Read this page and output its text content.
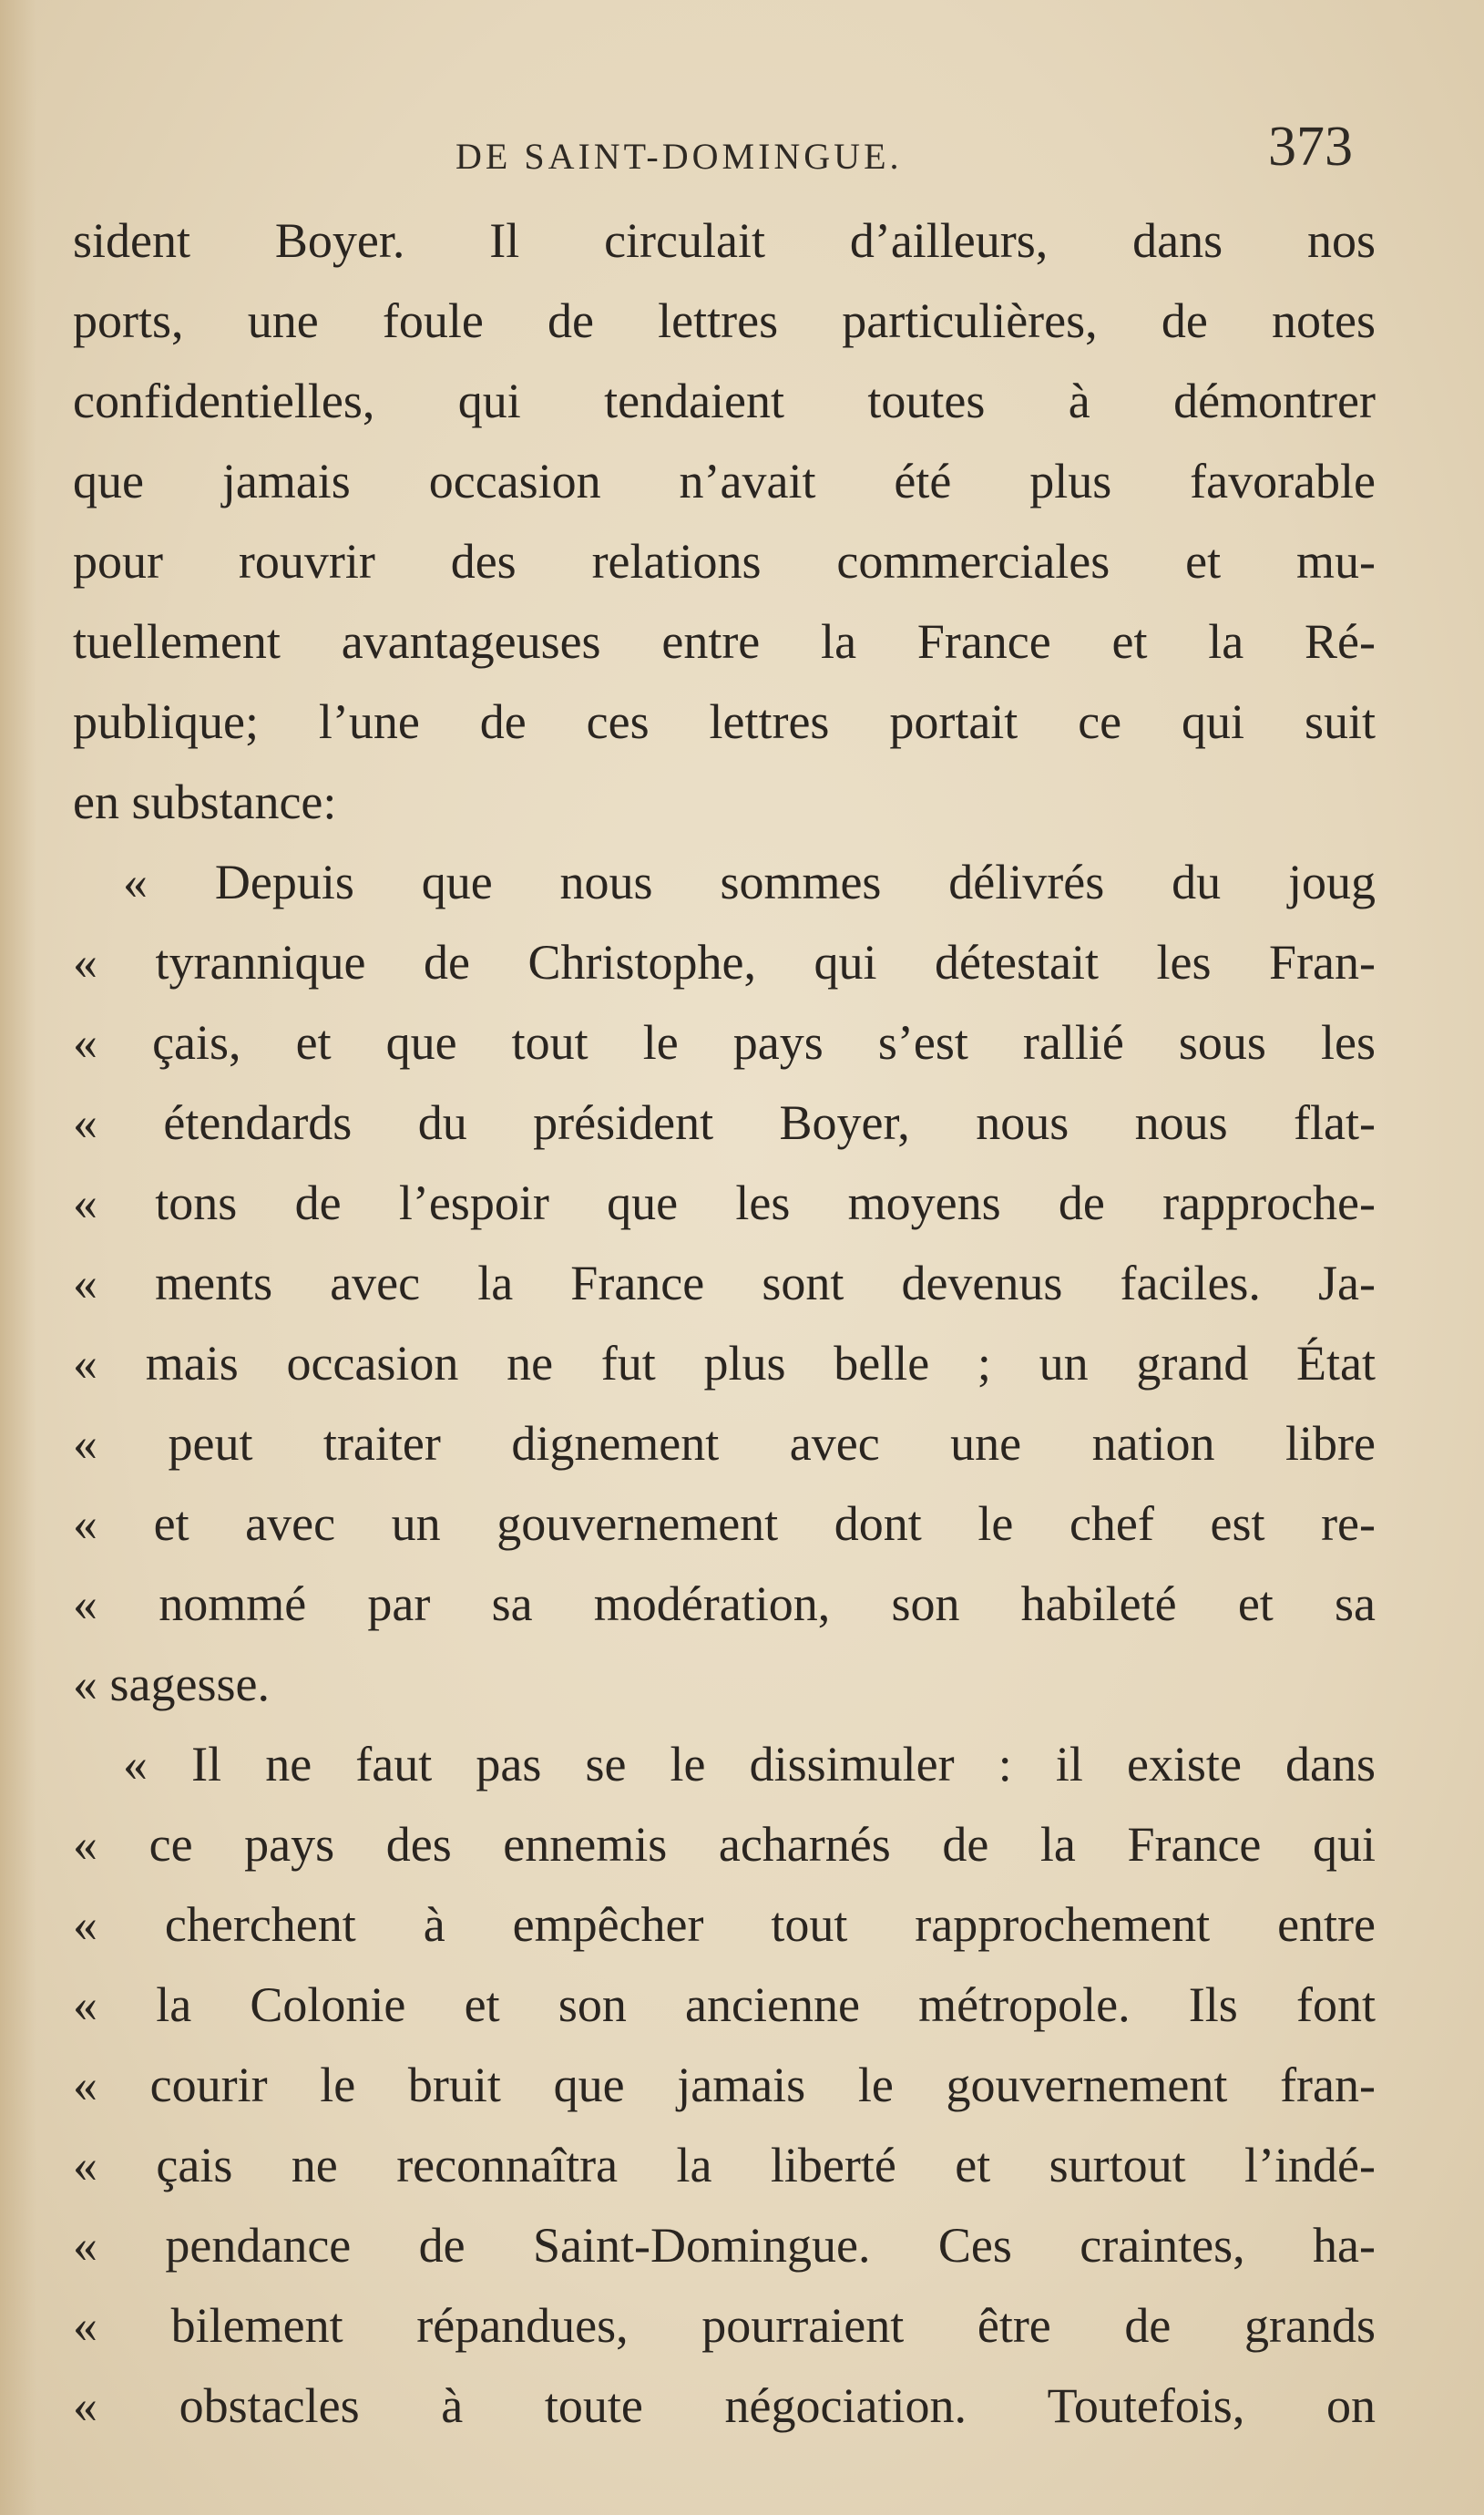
DE SAINT-DOMINGUE.	373
sident Boyer. Il circulait d’ailleurs, dans nos
ports, une foule de lettres particulières, de notes
confidentielles, qui tendaient toutes à démontrer
que jamais occasion n’avait été plus favorable
pour rouvrir des relations commerciales et mu-
tuellement avantageuses entre la France et la Ré-
publique; l’une de ces lettres portait ce qui suit
en substance:
« Depuis que nous sommes délivrés du joug
« tyrannique de Christophe, qui détestait les Fran-
« çais, et que tout le pays s’est rallié sous les
« étendards du président Boyer, nous nous flat-
« tons de l’espoir que les moyens de rapproche-
« ments avec la France sont devenus faciles. Ja-
« mais occasion ne fut plus belle ; un grand État
« peut traiter dignement avec une nation libre
« et avec un gouvernement dont le chef est re-
« nommé par sa modération, son habileté et sa
« sagesse.
« Il ne faut pas se le dissimuler : il existe dans
« ce pays des ennemis acharnés de la France qui
« cherchent à empêcher tout rapprochement entre
« la Colonie et son ancienne métropole. Ils font
« courir le bruit que jamais le gouvernement fran-
« çais ne reconnaîtra la liberté et surtout l’indé-
« pendance de Saint-Domingue. Ces craintes, ha-
« bilement répandues, pourraient être de grands
« obstacles à toute négociation. Toutefois, on
